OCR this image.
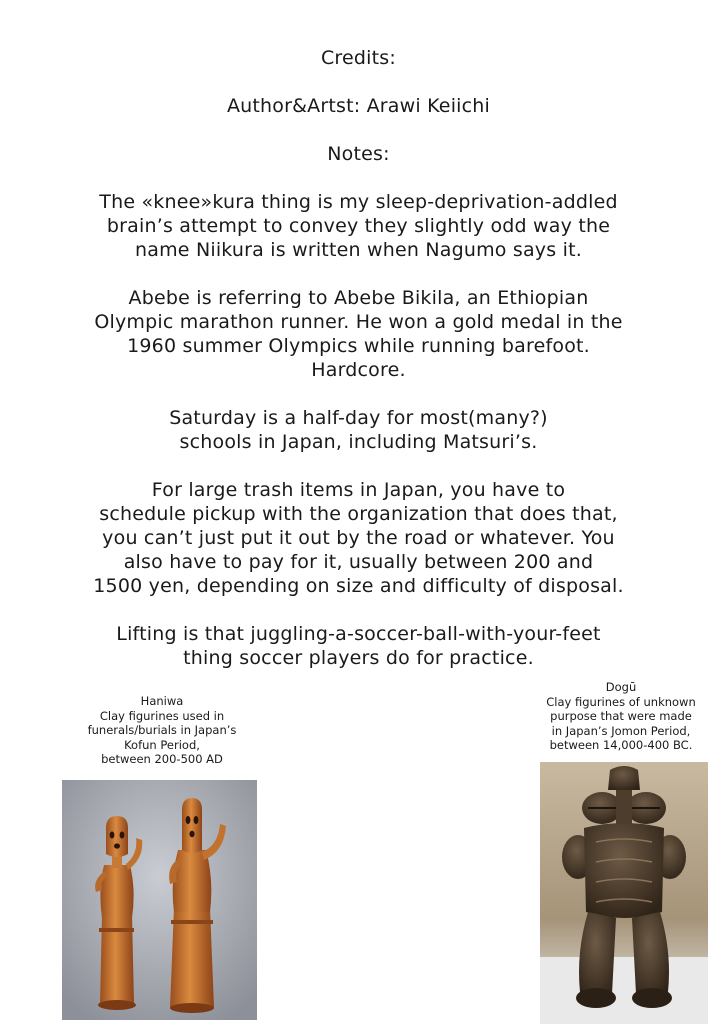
Credits:
Author&Artst: Arawi Keiichi
Notes:
The «knee»kura thing is my sleep-deprivation-addled
brain’s attempt to convey they slightly odd way the
name Niikura is written when Nagumo says it.
Abebe is referring to Abebe Bikila, an Ethiopian
Olympic marathon runner. He won a gold medal in the
1960 summer Olympics while running barefoot.
Hardcore.
Saturday is a half-day for most(many?)
schools in Japan, including Matsuri’s.
For large trash items in Japan, you have to
schedule pickup with the organization that does that,
you can’t just put it out by the road or whatever. You
also have to pay for it, usually between 200 and
1500 yen, depending on size and difficulty of disposal.
Lifting is that juggling-a-soccer-ball-with-your-feet
thing soccer players do for practice.
Haniwa
Clay figurines used in
funerals/burials in Japan’s
Kofun Period,
between 200-500 AD
Dogū
Clay figurines of unknown
purpose that were made
in Japan’s Jomon Period,
between 14,000-400 BC.
